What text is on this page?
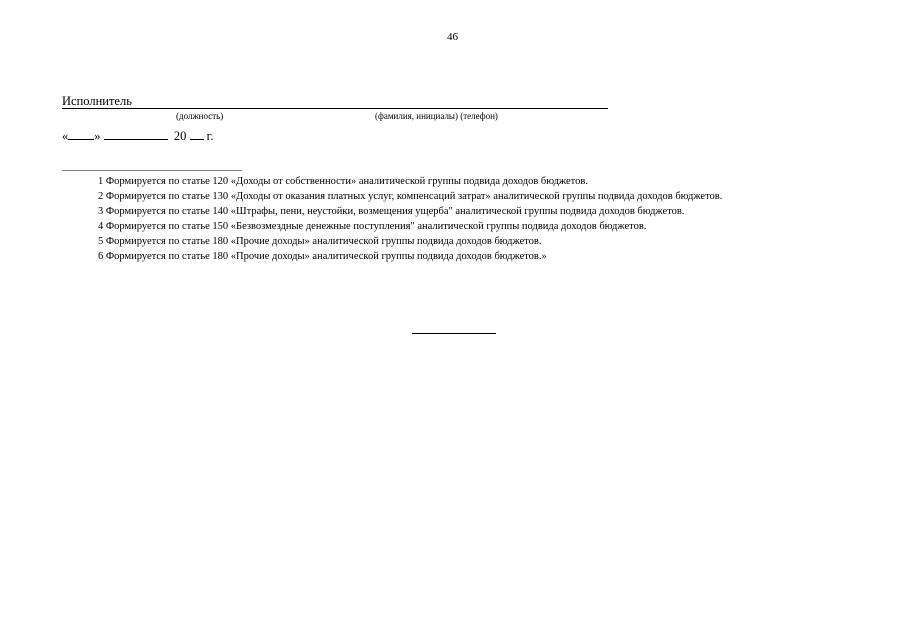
46
Исполнитель
(должность)	(фамилия, инициалы) (телефон)
« »	20 г.

1 Формируется по статье 120 «Доходы от собственности» аналитической группы подвида доходов бюджетов.

2 Формируется по статье 130 «Доходы от оказания платных услуг, компенсаций затрат» аналитической группы подвида доходов бюджетов.

3 Формируется по статье 140 «Штрафы, пени, неустойки, возмещения ущерба" аналитической группы подвида доходов бюджетов.

4 Формируется по статье 150 «Безвозмездные денежные поступления" аналитической группы подвида доходов бюджетов.

5 Формируется по статье 180 «Прочие доходы» аналитической группы подвида доходов бюджетов.

6 Формируется по статье 180 «Прочие доходы» аналитической группы подвида доходов бюджетов.»
